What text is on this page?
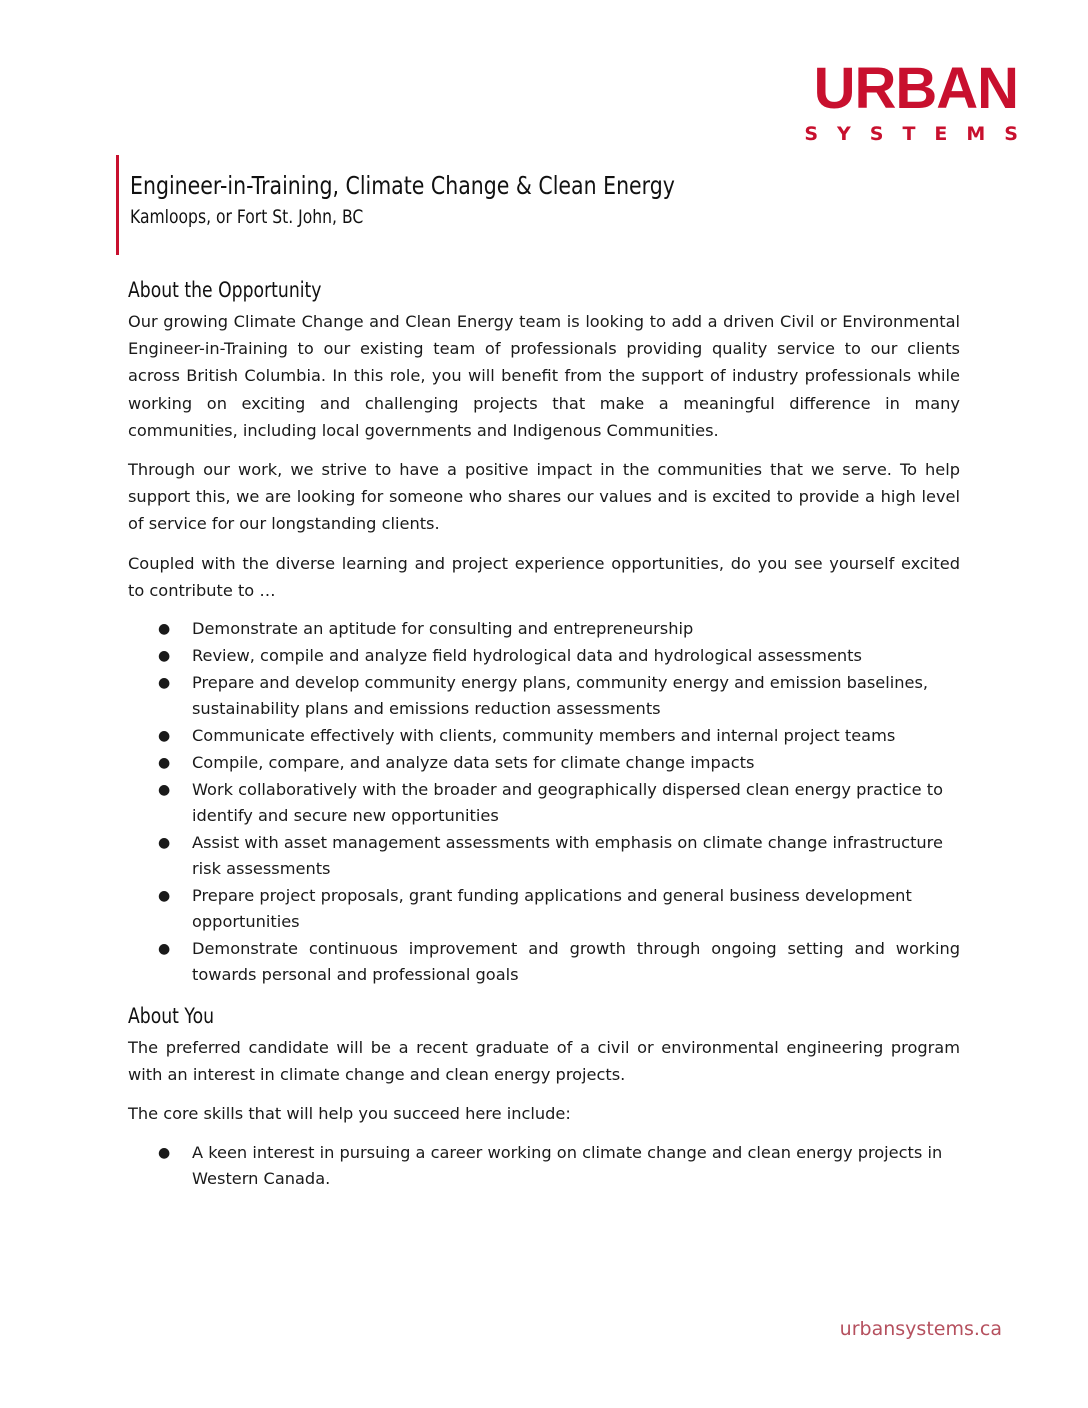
URBAN
SYSTEMS
Engineer-in-Training, Climate Change & Clean Energy
Kamloops, or Fort St. John, BC
About the Opportunity

Our growing Climate Change and Clean Energy team is looking to add a driven Civil or Environmental Engineer-in-Training to our existing team of professionals providing quality service to our clients across British Columbia. In this role, you will benefit from the support of industry professionals while working on exciting and challenging projects that make a meaningful difference in many communities, including local governments and Indigenous Communities.

Through our work, we strive to have a positive impact in the communities that we serve. To help support this, we are looking for someone who shares our values and is excited to provide a high level of service for our longstanding clients.

Coupled with the diverse learning and project experience opportunities, do you see yourself excited to contribute to …

● Demonstrate an aptitude for consulting and entrepreneurship
● Review, compile and analyze field hydrological data and hydrological assessments
● Prepare and develop community energy plans, community energy and emission baselines, sustainability plans and emissions reduction assessments
● Communicate effectively with clients, community members and internal project teams
● Compile, compare, and analyze data sets for climate change impacts
● Work collaboratively with the broader and geographically dispersed clean energy practice to identify and secure new opportunities
● Assist with asset management assessments with emphasis on climate change infrastructure risk assessments
● Prepare project proposals, grant funding applications and general business development opportunities
● Demonstrate continuous improvement and growth through ongoing setting and working towards personal and professional goals
About You

The preferred candidate will be a recent graduate of a civil or environmental engineering program with an interest in climate change and clean energy projects.

The core skills that will help you succeed here include:

● A keen interest in pursuing a career working on climate change and clean energy projects in Western Canada.
urbansystems.ca
